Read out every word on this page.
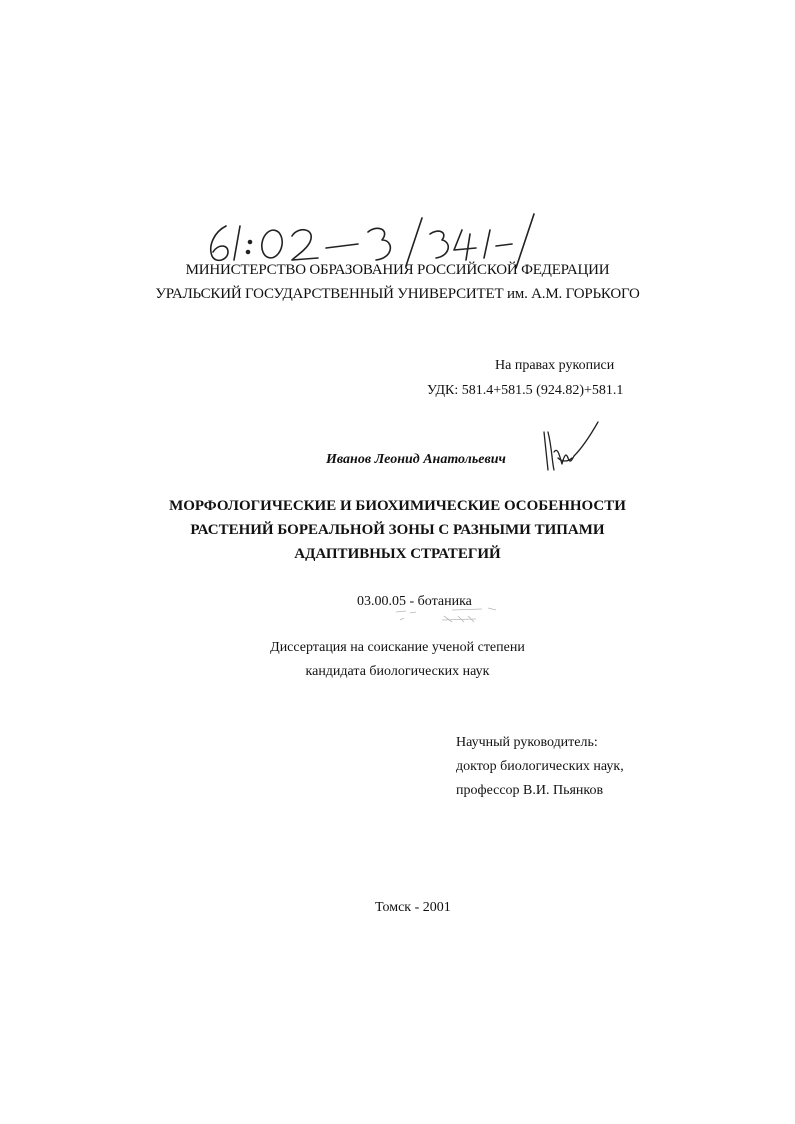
МИНИСТЕРСТВО ОБРАЗОВАНИЯ РОССИЙСКОЙ ФЕДЕРАЦИИ
УРАЛЬСКИЙ ГОСУДАРСТВЕННЫЙ УНИВЕРСИТЕТ им. А.М. ГОРЬКОГО
На правах рукописи
УДК: 581.4+581.5 (924.82)+581.1
Иванов Леонид Анатольевич
МОРФОЛОГИЧЕСКИЕ И БИОХИМИЧЕСКИЕ ОСОБЕННОСТИ
РАСТЕНИЙ БОРЕАЛЬНОЙ ЗОНЫ С РАЗНЫМИ ТИПАМИ
АДАПТИВНЫХ СТРАТЕГИЙ
03.00.05 - ботаника
Диссертация на соискание ученой степени
кандидата биологических наук
Научный руководитель:
доктор биологических наук,
профессор В.И. Пьянков
Томск - 2001
